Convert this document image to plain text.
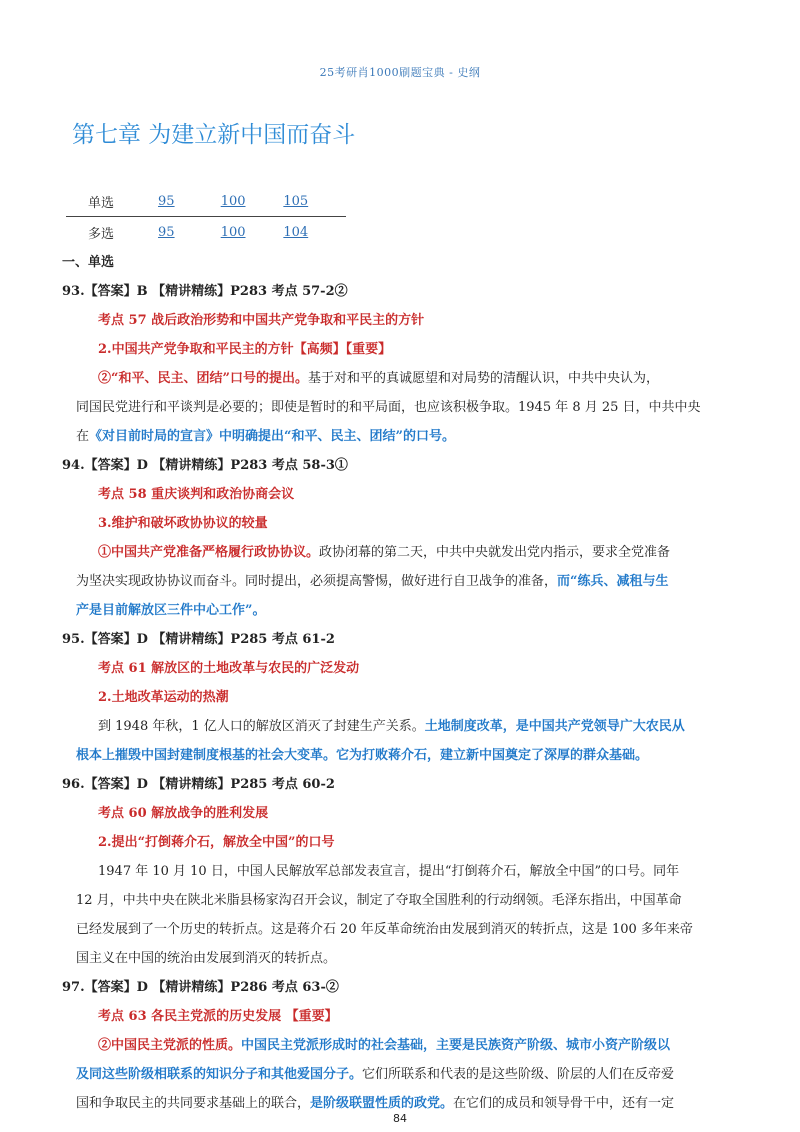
25考研肖1000刷题宝典 - 史纲
第七章 为建立新中国而奋斗
单选	95	100	105
多选	95	100	104
一、单选
93.【答案】B 【精讲精练】P283 考点 57-2②
考点 57 战后政治形势和中国共产党争取和平民主的方针
2.中国共产党争取和平民主的方针【高频】【重要】
②“和平、民主、团结”口号的提出。基于对和平的真诚愿望和对局势的清醒认识，中共中央认为，
同国民党进行和平谈判是必要的；即使是暂时的和平局面，也应该积极争取。1945 年 8 月 25 日，中共中央
在《对目前时局的宣言》中明确提出“和平、民主、团结”的口号。
94.【答案】D 【精讲精练】P283 考点 58-3①
考点 58 重庆谈判和政治协商会议
3.维护和破坏政协协议的较量
①中国共产党准备严格履行政协协议。政协闭幕的第二天，中共中央就发出党内指示，要求全党准备
为坚决实现政协协议而奋斗。同时提出，必须提高警惕，做好进行自卫战争的准备，而“练兵、减租与生
产是目前解放区三件中心工作”。
95.【答案】D 【精讲精练】P285 考点 61-2
考点 61 解放区的土地改革与农民的广泛发动
2.土地改革运动的热潮
到 1948 年秋，1 亿人口的解放区消灭了封建生产关系。土地制度改革，是中国共产党领导广大农民从
根本上摧毁中国封建制度根基的社会大变革。它为打败蒋介石，建立新中国奠定了深厚的群众基础。
96.【答案】D 【精讲精练】P285 考点 60-2
考点 60 解放战争的胜利发展
2.提出“打倒蒋介石，解放全中国”的口号
1947 年 10 月 10 日，中国人民解放军总部发表宣言，提出“打倒蒋介石，解放全中国”的口号。同年
12 月，中共中央在陕北米脂县杨家沟召开会议，制定了夺取全国胜利的行动纲领。毛泽东指出，中国革命
已经发展到了一个历史的转折点。这是蒋介石 20 年反革命统治由发展到消灭的转折点，这是 100 多年来帝
国主义在中国的统治由发展到消灭的转折点。
97.【答案】D 【精讲精练】P286 考点 63-②
考点 63 各民主党派的历史发展 【重要】
②中国民主党派的性质。中国民主党派形成时的社会基础，主要是民族资产阶级、城市小资产阶级以
及同这些阶级相联系的知识分子和其他爱国分子。它们所联系和代表的是这些阶级、阶层的人们在反帝爱
国和争取民主的共同要求基础上的联合，是阶级联盟性质的政党。在它们的成员和领导骨干中，还有一定
84
